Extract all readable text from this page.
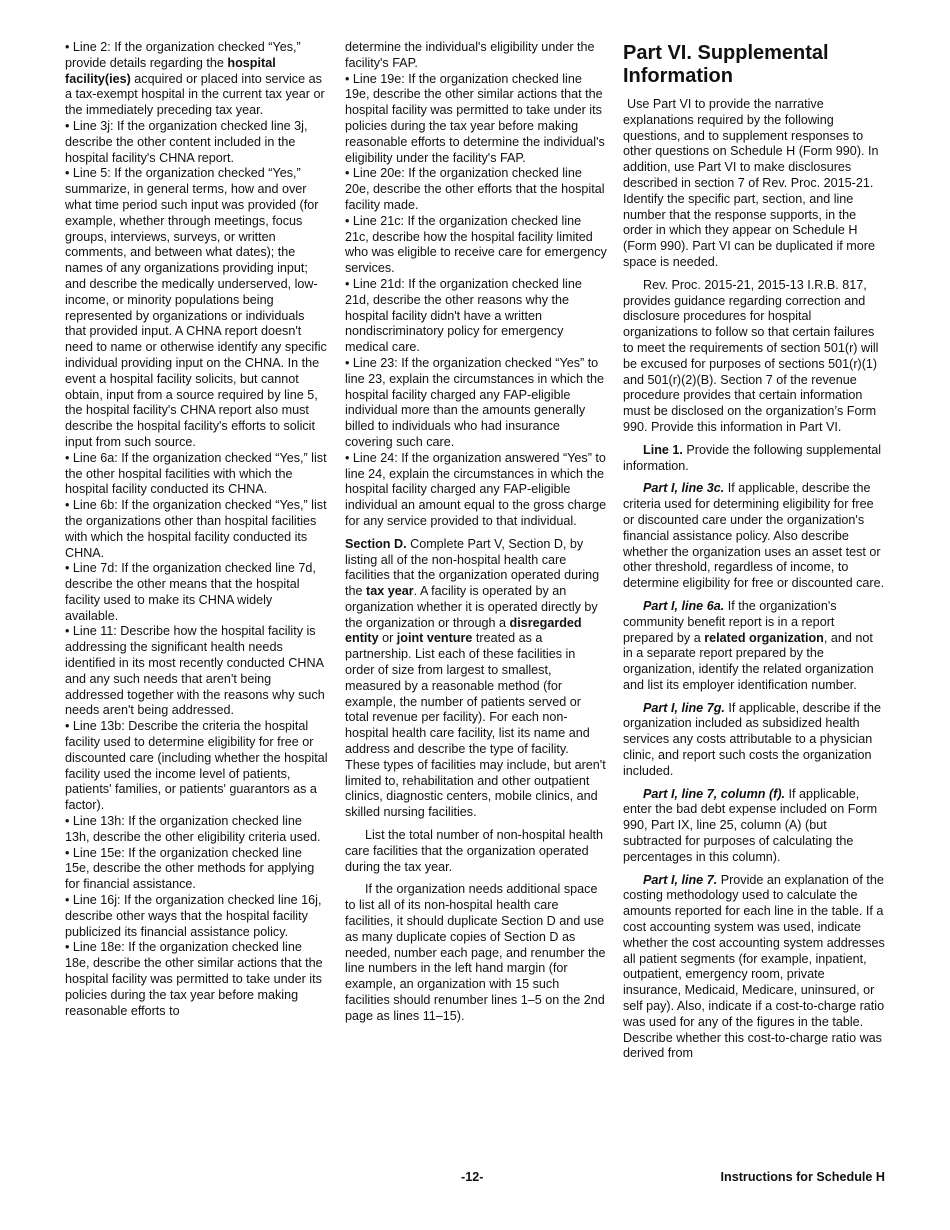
• Line 2: If the organization checked “Yes,” provide details regarding the hospital facility(ies) acquired or placed into service as a tax-exempt hospital in the current tax year or the immediately preceding tax year.

• Line 3j: If the organization checked line 3j, describe the other content included in the hospital facility's CHNA report.

• Line 5: If the organization checked “Yes,” summarize, in general terms, how and over what time period such input was provided (for example, whether through meetings, focus groups, interviews, surveys, or written comments, and between what dates); the names of any organizations providing input; and describe the medically underserved, low-income, or minority populations being represented by organizations or individuals that provided input. A CHNA report doesn't need to name or otherwise identify any specific individual providing input on the CHNA. In the event a hospital facility solicits, but cannot obtain, input from a source required by line 5, the hospital facility's CHNA report also must describe the hospital facility's efforts to solicit input from such source.

• Line 6a: If the organization checked “Yes,” list the other hospital facilities with which the hospital facility conducted its CHNA.

• Line 6b: If the organization checked “Yes,” list the organizations other than hospital facilities with which the hospital facility conducted its CHNA.

• Line 7d: If the organization checked line 7d, describe the other means that the hospital facility used to make its CHNA widely available.

• Line 11: Describe how the hospital facility is addressing the significant health needs identified in its most recently conducted CHNA and any such needs that aren't being addressed together with the reasons why such needs aren't being addressed.

• Line 13b: Describe the criteria the hospital facility used to determine eligibility for free or discounted care (including whether the hospital facility used the income level of patients, patients' families, or patients' guarantors as a factor).

• Line 13h: If the organization checked line 13h, describe the other eligibility criteria used.

• Line 15e: If the organization checked line 15e, describe the other methods for applying for financial assistance.

• Line 16j: If the organization checked line 16j, describe other ways that the hospital facility publicized its financial assistance policy.

• Line 18e: If the organization checked line 18e, describe the other similar actions that the hospital facility was permitted to take under its policies during the tax year before making reasonable efforts to

determine the individual's eligibility under the facility's FAP.

• Line 19e: If the organization checked line 19e, describe the other similar actions that the hospital facility was permitted to take under its policies during the tax year before making reasonable efforts to determine the individual's eligibility under the facility's FAP.

• Line 20e: If the organization checked line 20e, describe the other efforts that the hospital facility made.

• Line 21c: If the organization checked line 21c, describe how the hospital facility limited who was eligible to receive care for emergency services.

• Line 21d: If the organization checked line 21d, describe the other reasons why the hospital facility didn't have a written nondiscriminatory policy for emergency medical care.

• Line 23: If the organization checked “Yes” to line 23, explain the circumstances in which the hospital facility charged any FAP-eligible individual more than the amounts generally billed to individuals who had insurance covering such care.

• Line 24: If the organization answered “Yes” to line 24, explain the circumstances in which the hospital facility charged any FAP-eligible individual an amount equal to the gross charge for any service provided to that individual.

Section D. Complete Part V, Section D, by listing all of the non-hospital health care facilities that the organization operated during the tax year. A facility is operated by an organization whether it is operated directly by the organization or through a disregarded entity or joint venture treated as a partnership. List each of these facilities in order of size from largest to smallest, measured by a reasonable method (for example, the number of patients served or total revenue per facility). For each non-hospital health care facility, list its name and address and describe the type of facility. These types of facilities may include, but aren't limited to, rehabilitation and other outpatient clinics, diagnostic centers, mobile clinics, and skilled nursing facilities.

List the total number of non-hospital health care facilities that the organization operated during the tax year.

If the organization needs additional space to list all of its non-hospital health care facilities, it should duplicate Section D and use as many duplicate copies of Section D as needed, number each page, and renumber the line numbers in the left hand margin (for example, an organization with 15 such facilities should renumber lines 1–5 on the 2nd page as lines 11–15).

Part VI. Supplemental Information

Use Part VI to provide the narrative explanations required by the following questions, and to supplement responses to other questions on Schedule H (Form 990). In addition, use Part VI to make disclosures described in section 7 of Rev. Proc. 2015-21. Identify the specific part, section, and line number that the response supports, in the order in which they appear on Schedule H (Form 990). Part VI can be duplicated if more space is needed.

Rev. Proc. 2015-21, 2015-13 I.R.B. 817, provides guidance regarding correction and disclosure procedures for hospital organizations to follow so that certain failures to meet the requirements of section 501(r) will be excused for purposes of sections 501(r)(1) and 501(r)(2)(B). Section 7 of the revenue procedure provides that certain information must be disclosed on the organization’s Form 990. Provide this information in Part VI.

Line 1. Provide the following supplemental information.

Part I, line 3c. If applicable, describe the criteria used for determining eligibility for free or discounted care under the organization's financial assistance policy. Also describe whether the organization uses an asset test or other threshold, regardless of income, to determine eligibility for free or discounted care.

Part I, line 6a. If the organization's community benefit report is in a report prepared by a related organization, and not in a separate report prepared by the organization, identify the related organization and list its employer identification number.

Part I, line 7g. If applicable, describe if the organization included as subsidized health services any costs attributable to a physician clinic, and report such costs the organization included.

Part I, line 7, column (f). If applicable, enter the bad debt expense included on Form 990, Part IX, line 25, column (A) (but subtracted for purposes of calculating the percentages in this column).

Part I, line 7. Provide an explanation of the costing methodology used to calculate the amounts reported for each line in the table. If a cost accounting system was used, indicate whether the cost accounting system addresses all patient segments (for example, inpatient, outpatient, emergency room, private insurance, Medicaid, Medicare, uninsured, or self pay). Also, indicate if a cost-to-charge ratio was used for any of the figures in the table. Describe whether this cost-to-charge ratio was derived from

-12-	Instructions for Schedule H
